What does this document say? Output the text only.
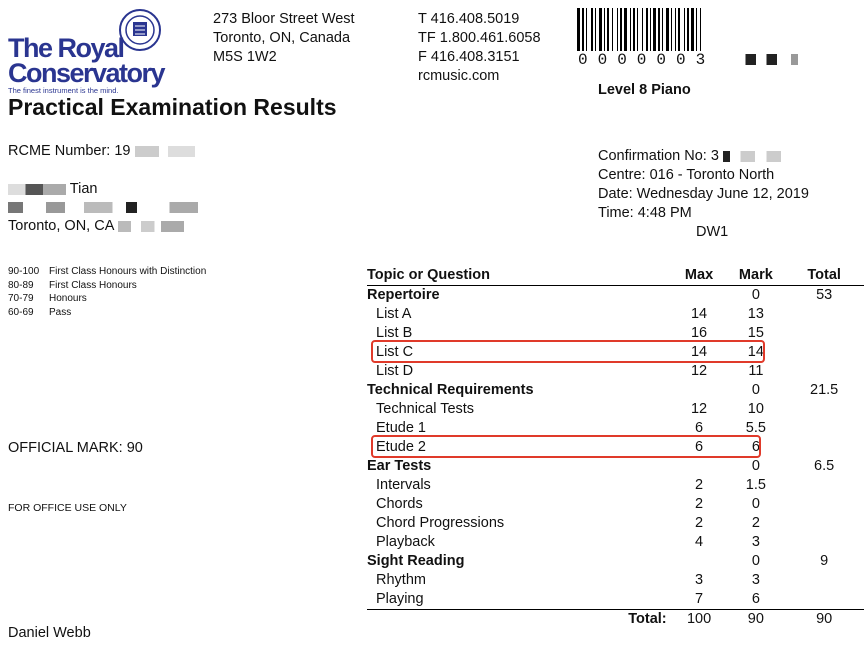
The Royal
Conservatory
The finest instrument is the mind.
273 Bloor Street West
Toronto, ON, Canada
M5S 1W2
T 416.408.5019
TF 1.800.461.6058
F 416.408.3151
rcmusic.com
0000003
Level 8 Piano
Practical Examination Results
RCME Number: 19
Tian
Toronto, ON, CA
Confirmation No: 3
Centre: 016 - Toronto North
Date: Wednesday June 12, 2019
Time: 4:48 PM
DW1
90-100 First Class Honours with Distinction
80-89 First Class Honours
70-79 Honours
60-69 Pass
OFFICIAL MARK: 90
FOR OFFICE USE ONLY
Daniel Webb
Topic or Question	Max	Mark	Total
Repertoire		0	53
List A	14	13	
List B	16	15	
List C	14	14	
List D	12	11	
Technical Requirements		0	21.5
Technical Tests	12	10	
Etude 1	6	5.5	
Etude 2	6	6	
Ear Tests		0	6.5
Intervals	2	1.5	
Chords	2	0	
Chord Progressions	2	2	
Playback	4	3	
Sight Reading		0	9
Rhythm	3	3	
Playing	7	6	
Total:	100	90	90
